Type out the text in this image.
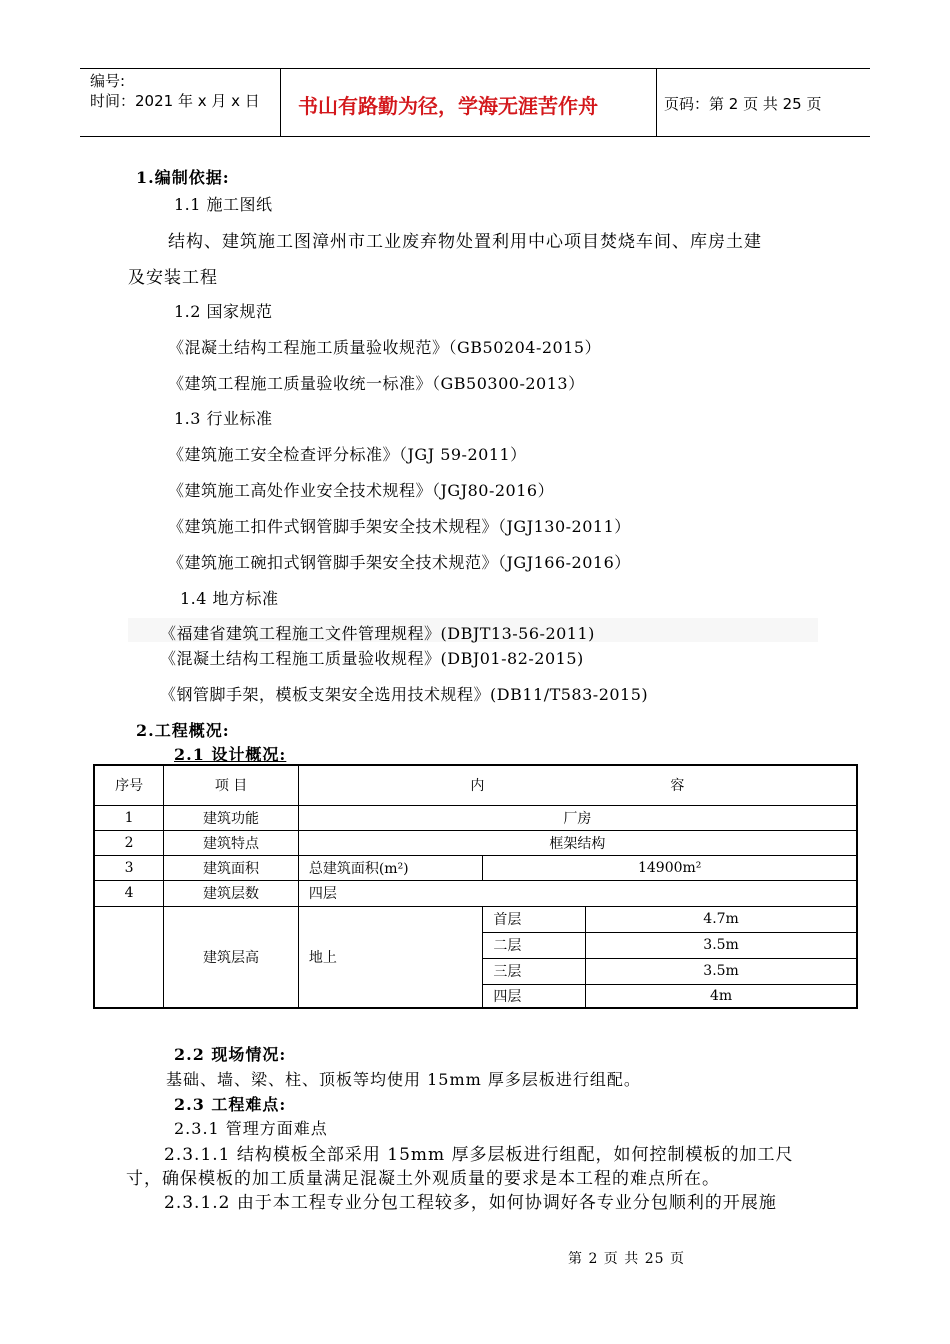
编号:
时间：2021 年 x 月 x 日 书山有路勤为径，学海无涯苦作舟	页码：第 2 页 共 25 页
1.编制依据:
1.1 施工图纸
结构、建筑施工图漳州市工业废弃物处置利用中心项目焚烧车间、库房土建
及安装工程
1.2 国家规范
《混凝土结构工程施工质量验收规范》（GB50204-2015）
《建筑工程施工质量验收统一标准》（GB50300-2013）
1.3 行业标准
《建筑施工安全检查评分标准》（JGJ 59-2011）
《建筑施工高处作业安全技术规程》（JGJ80-2016）
《建筑施工扣件式钢管脚手架安全技术规程》（JGJ130-2011）
《建筑施工碗扣式钢管脚手架安全技术规范》（JGJ166-2016）
1.4 地方标准
《福建省建筑工程施工文件管理规程》(DBJT13-56-2011)
《混凝土结构工程施工质量验收规程》(DBJ01-82-2015)
《钢管脚手架，模板支架安全选用技术规程》(DB11/T583-2015)
2.工程概况:
2.1 设计概况:
序号	项 目	内 容		
1	建筑功能	厂房		
2	建筑特点	框架结构		
3	建筑面积	总建筑面积(m²)	14900m²	
4	建筑层数	四层		
	建筑层高	地上	首层	4.7m
			二层	3.5m
			三层	3.5m
			四层	4m
2.2 现场情况:
基础、墙、梁、柱、顶板等均使用 15mm 厚多层板进行组配。
2.3 工程难点:
2.3.1 管理方面难点
2.3.1.1 结构模板全部采用 15mm 厚多层板进行组配，如何控制模板的加工尺
寸，确保模板的加工质量满足混凝土外观质量的要求是本工程的难点所在。
2.3.1.2 由于本工程专业分包工程较多，如何协调好各专业分包顺利的开展施
第 2 页 共 25 页
